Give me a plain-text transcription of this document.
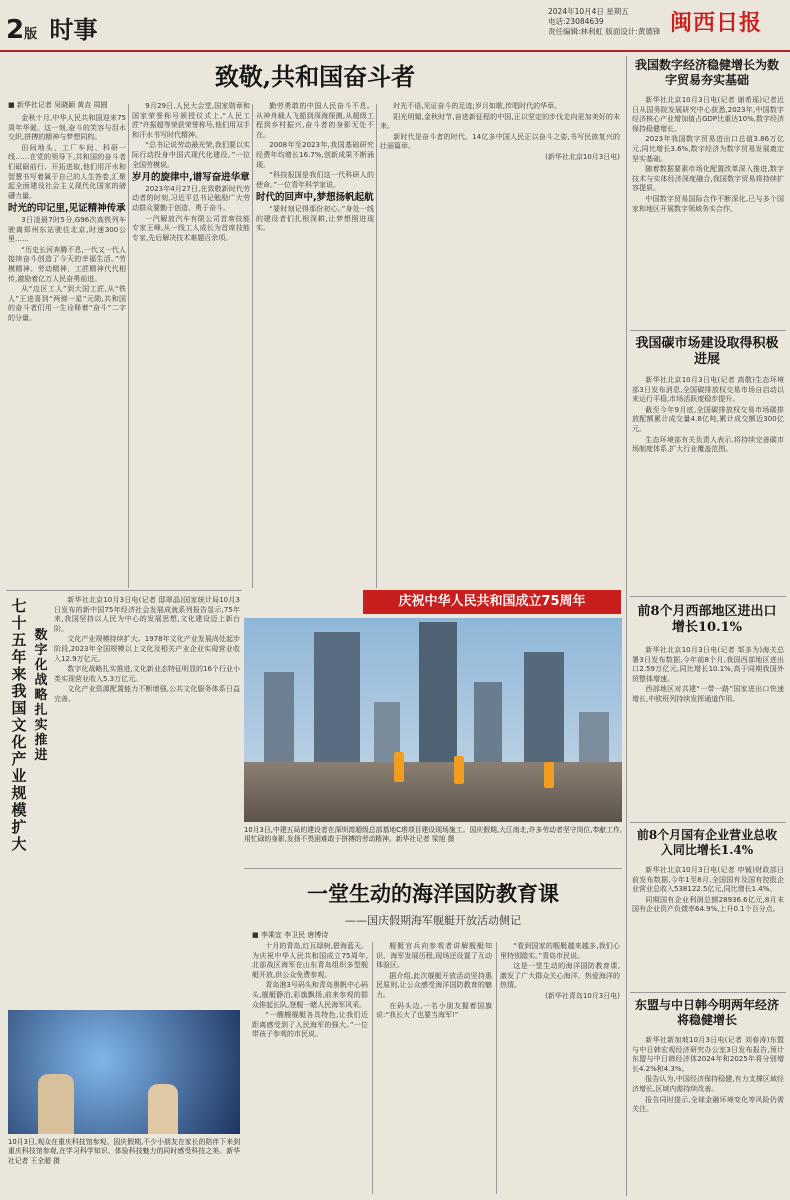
2版 时事
2024年10月4日 星期五
电话:23084639
责任编辑:林利虹 版面设计:黄德锋 闽西日报
致敬,共和国奋斗者
■ 新华社记者 吴晓颖 黄垚 周圆

金秋十月,中华人民共和国迎来75周年华诞。这一刻,奋斗的笑容与泪水交织,拼搏的精神与梦想同构。

田间地头、工厂车间、科研一线……在党的领导下,共和国的奋斗者们砥砺前行、开拓进取,他们用汗水和智慧书写着属于自己的人生答卷,汇聚起全面建设社会主义现代化国家的磅礴力量。

时光的印记里,见证精神传承

3日凌晨7时5分,G96次高铁列车驶离郑州东站驶往北京,时速300公里……

“历史长河奔腾不息,一代又一代人接续奋斗创造了今天的幸福生活。”劳模精神、劳动精神、工匠精神代代相传,激励着亿万人民奋勇前进。

从“边区工人”到大国工匠,从“铁人”王进喜到“两弹一星”元勋,共和国的奋斗者们用一生诠释着“奋斗”二字的分量。

9月29日,人民大会堂,国家勋章和国家荣誉称号颁授仪式上,“人民工匠”许振超等荣获荣誉称号,他们用双手和汗水书写时代精神。

“总书记说劳动最光荣,我们要以实际行动投身中国式现代化建设。”一位全国劳模说。

岁月的旋律中,谱写奋进华章

2023年4月27日,在致敬新时代劳动者的时刻,习近平总书记勉励广大劳动群众要勤于创造、勇于奋斗。

一汽解放汽车有限公司首席技能专家王峰,从一线工人成长为首席技能专家,先后解决技术难题百余项。

勤劳勇敢的中国人民奋斗不息。从神舟载人飞船到深海探测,从超级工程到乡村振兴,奋斗者的身影无处不在。

2008年至2023年,我国基础研究经费年均增长16.7%,创新成果不断涌现。

“科技报国是我们这一代科研人的使命。”一位青年科学家说。

时代的回声中,梦想扬帆起航

“要时刻记得那份初心。”身处一线的建设者们扎根深耕,让梦想照进现实。

时光不语,见证奋斗的足迹;岁月如歌,传唱时代的华章。

阳光明媚,金秋时节,奋进新征程的中国,正以坚定的步伐走向更加美好的未来。

新时代是奋斗者的时代。14亿多中国人民正以奋斗之姿,书写民族复兴的壮丽篇章。

(新华社北京10月3日电)

庆祝中华人民共和国成立75周年
10月3日,中建五局的建设者在深圳湾超级总部基地C塔项目建设现场施工。国庆假期,大江南北,许多劳动者坚守岗位,奉献工作,用忙碌的身影,发扬不畏困难敢于拼搏的劳动精神。新华社记者 梁旭 摄
七十五年来我国文化产业规模扩大
数字化战略扎实推进

新华社北京10月3日电(记者 邸翠晶)国家统计局10月3日发布的新中国75年经济社会发展成就系列报告显示,75年来,我国坚持以人民为中心的发展思想,文化建设迈上新台阶。

文化产业规模持续扩大。1978年文化产业发展尚处起步阶段,2023年全国规模以上文化及相关产业企业实现营业收入12.9万亿元。

数字化战略扎实推进,文化新业态特征明显的16个行业小类实现营业收入5.3万亿元。

文化产业资源配置能力不断增强,公共文化服务体系日益完善。

10月3日,观众在重庆科技馆参观。国庆假期,不少小朋友在家长的陪伴下来到重庆科技馆参观,在学习科学知识、体验科技魅力的同时感受科技之美。新华社记者 王全超 摄
一堂生动的海洋国防教育课
——国庆假期海军舰艇开放活动侧记
■ 李乘宜 李卫民 唐博诗

十月的青岛,红瓦绿树,碧海蓝天。为庆祝中华人民共和国成立75周年,北部战区海军在山东青岛组织多型舰艇开放,供公众免费参观。

青岛港3号码头和青岛奥帆中心码头,舰艇静泊,彩旗飘扬,前来参观的群众排起长队,登舰一睹人民海军风采。

“一艘艘舰艇各具特色,让我们近距离感受到了人民海军的强大。”一位带孩子参观的市民说。

舰艇官兵向参观者讲解舰艇知识、海军发展历程,现场还设置了互动体验区。

据介绍,此次舰艇开放活动坚持惠民原则,让公众感受海洋国防教育的魅力。

在码头边,一名小朋友握着国旗说:“我长大了也要当海军!”

“看到国家的舰艇越来越多,我们心里特别踏实。”青岛市民说。

这是一堂生动的海洋国防教育课,激发了广大群众关心海洋、热爱海洋的热情。

(新华社青岛10月3日电)

我国数字经济稳健增长为数字贸易夯实基础

新华社北京10月3日电(记者 谢希瑶)记者近日从国务院发展研究中心获悉,2023年,中国数字经济核心产业增加值占GDP比重达10%,数字经济保持稳健增长。

2023年我国数字贸易进出口总值3.86万亿元,同比增长3.6%,数字经济为数字贸易发展奠定坚实基础。

随着数据要素市场化配置改革深入推进,数字技术与实体经济深度融合,我国数字贸易将持续扩容提质。

中国数字贸易国际合作不断深化,已与多个国家和地区开展数字领域务实合作。

我国碳市场建设取得积极进展

新华社北京10月3日电(记者 高敬)生态环境部3日发布消息,全国碳排放权交易市场自启动以来运行平稳,市场活跃度稳步提升。

截至今年9月底,全国碳排放权交易市场碳排放配额累计成交量4.8亿吨,累计成交额近300亿元。

生态环境部有关负责人表示,将持续完善碳市场制度体系,扩大行业覆盖范围。

前8个月西部地区进出口增长10.1%

新华社北京10月3日电(记者 邹多为)海关总署3日发布数据,今年前8个月,我国西部地区进出口2.59万亿元,同比增长10.1%,高于同期我国外贸整体增速。

西部地区对共建“一带一路”国家进出口快速增长,中欧班列持续发挥通道作用。

前8个月国有企业营业总收入同比增长1.4%

新华社北京10月3日电(记者 申铖)财政部日前发布数据,今年1至8月,全国国有及国有控股企业营业总收入538122.5亿元,同比增长1.4%。

同期国有企业利润总额28936.6亿元,8月末国有企业资产负债率64.9%,上升0.1个百分点。

东盟与中日韩今明两年经济将稳健增长

新华社新加坡10月3日电(记者 刘春涛)东盟与中日韩宏观经济研究办公室3日发布报告,预计东盟与中日韩经济体2024年和2025年将分别增长4.2%和4.3%。

报告认为,中国经济保持稳健,有力支撑区域经济增长,区域内需持续改善。

报告同时提示,全球金融环境变化等风险仍需关注。
